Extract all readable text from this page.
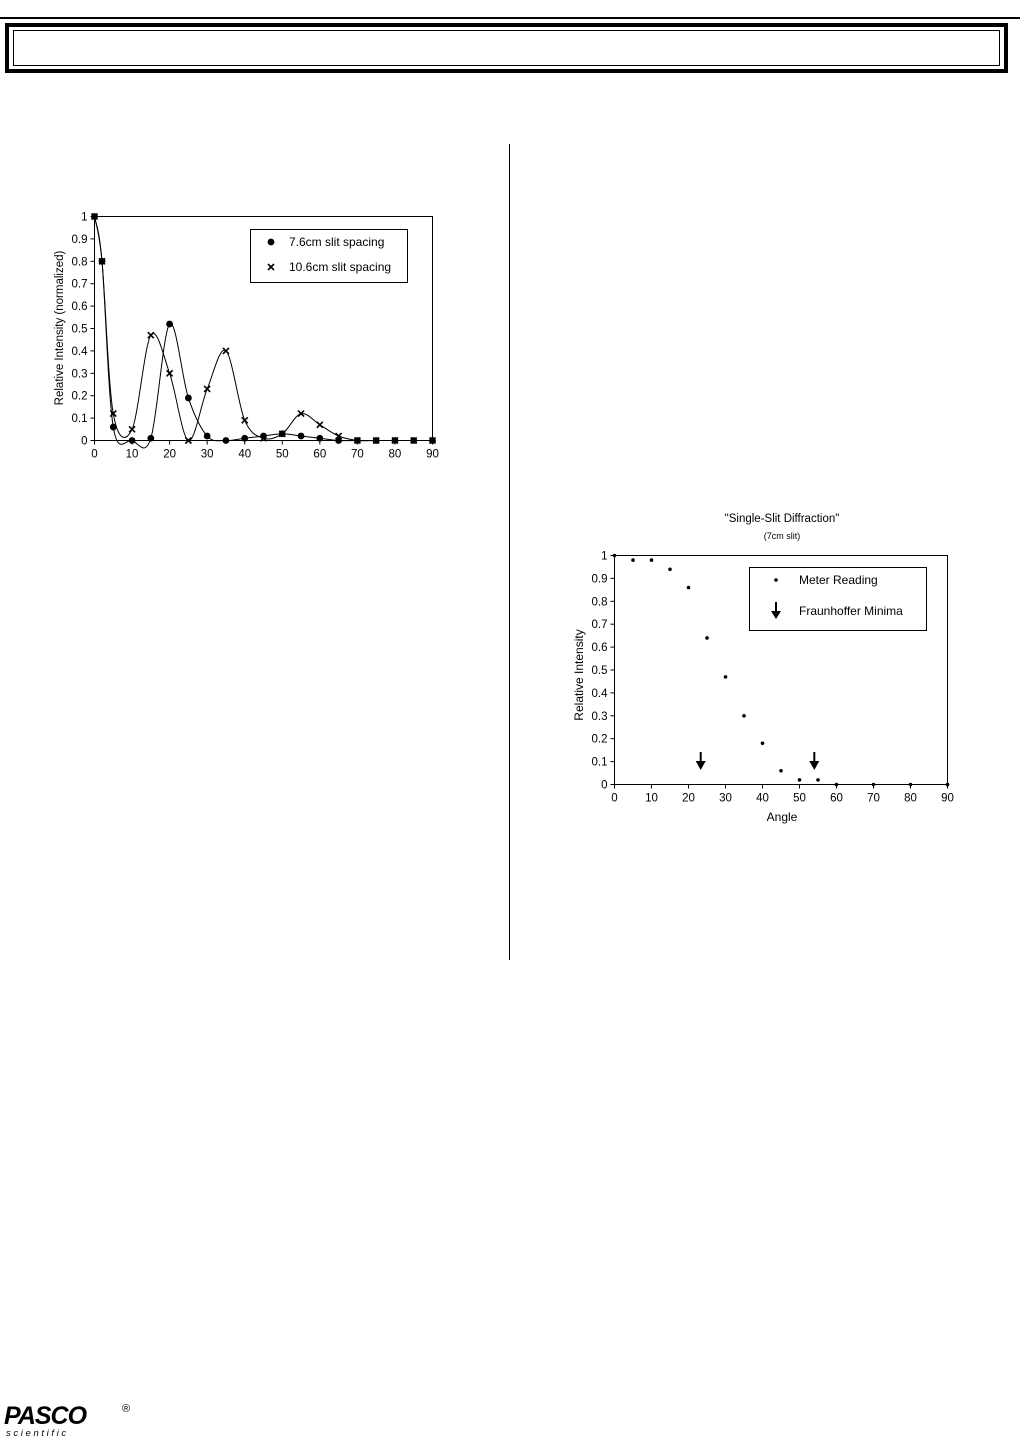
0
0.1
0.2
0.3
0.4
0.5
0.6
0.7
0.8
0.9
1
0 10 20 30 40 50 60 70 80 90
Relative Intensity (normalized)
7.6cm slit spacing
10.6cm slit spacing
"Single-Slit Diffraction"
(7cm slit)
0
0.1
0.2
0.3
0.4
0.5
0.6
0.7
0.8
0.9
1
0 10 20 30 40 50 60 70 80 90
Angle
Relative Intensity
Meter Reading
Fraunhoffer Minima
PASCO	®
s c i e n t i f i c
